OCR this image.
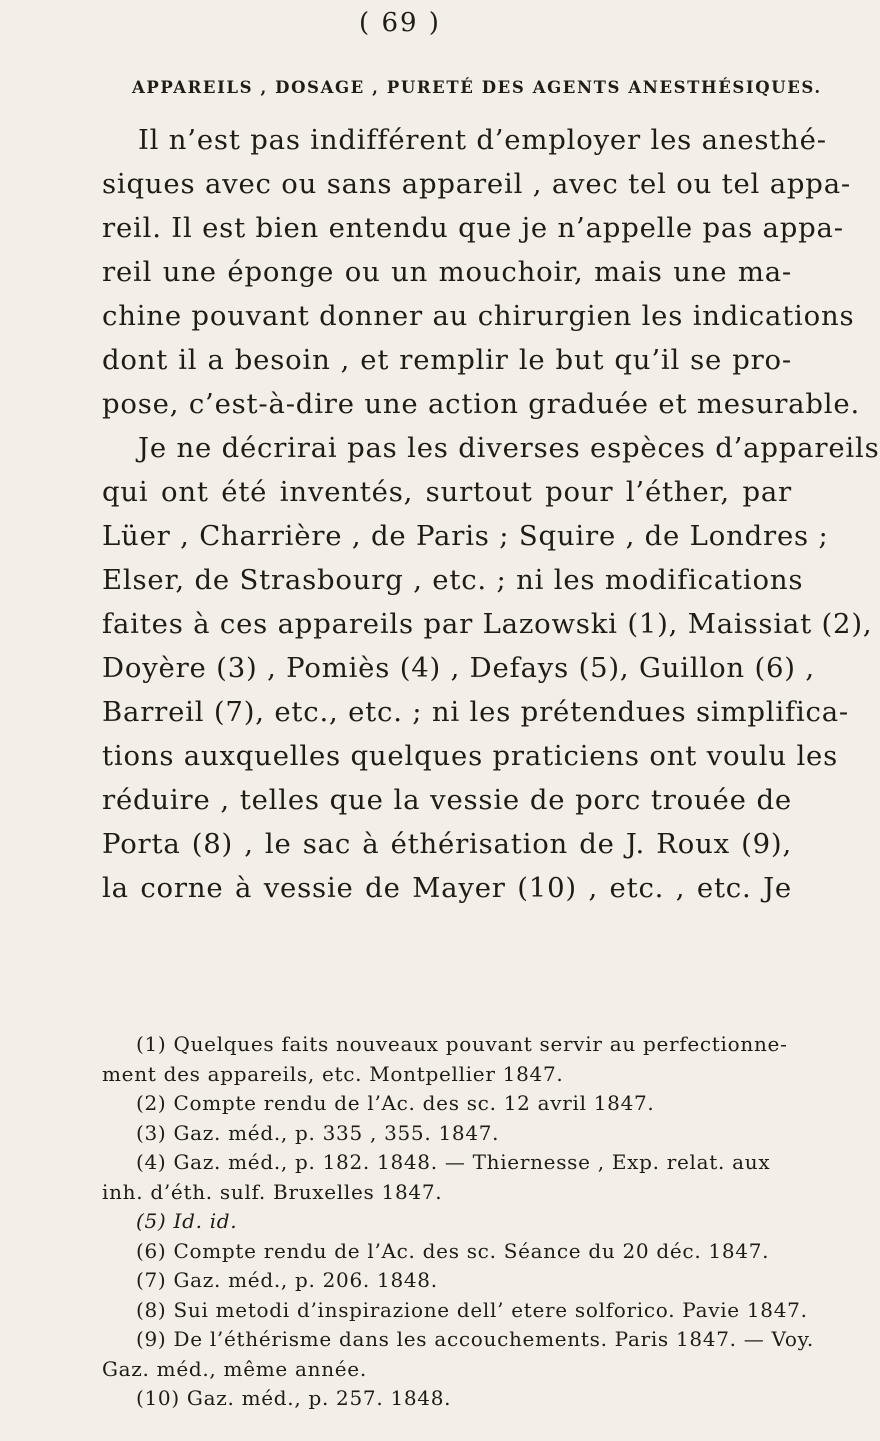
( 69 )
APPAREILS , DOSAGE , PURETÉ DES AGENTS ANESTHÉSIQUES.
Il n’est pas indifférent d’employer les anesthé-
siques avec ou sans appareil , avec tel ou tel appa-
reil. Il est bien entendu que je n’appelle pas appa-
reil une éponge ou un mouchoir, mais une ma-
chine pouvant donner au chirurgien les indications
dont il a besoin , et remplir le but qu’il se pro-
pose, c’est-à-dire une action graduée et mesurable.
Je ne décrirai pas les diverses espèces d’appareils
qui ont été inventés, surtout pour l’éther, par
Lüer , Charrière , de Paris ; Squire , de Londres ;
Elser, de Strasbourg , etc. ; ni les modifications
faites à ces appareils par Lazowski (1), Maissiat (2),
Doyère (3) , Pomiès (4) , Defays (5), Guillon (6) ,
Barreil (7), etc., etc. ; ni les prétendues simplifica-
tions auxquelles quelques praticiens ont voulu les
réduire , telles que la vessie de porc trouée de
Porta (8) , le sac à éthérisation de J. Roux (9),
la corne à vessie de Mayer (10) , etc. , etc. Je
(1) Quelques faits nouveaux pouvant servir au perfectionne-
ment des appareils, etc. Montpellier 1847.
(2) Compte rendu de l’Ac. des sc. 12 avril 1847.
(3) Gaz. méd., p. 335 , 355. 1847.
(4) Gaz. méd., p. 182. 1848. — Thiernesse , Exp. relat. aux
inh. d’éth. sulf. Bruxelles 1847.
(5) Id. id.
(6) Compte rendu de l’Ac. des sc. Séance du 20 déc. 1847.
(7) Gaz. méd., p. 206. 1848.
(8) Sui metodi d’inspirazione dell’ etere solforico. Pavie 1847.
(9) De l’éthérisme dans les accouchements. Paris 1847. — Voy.
Gaz. méd., même année.
(10) Gaz. méd., p. 257. 1848.
